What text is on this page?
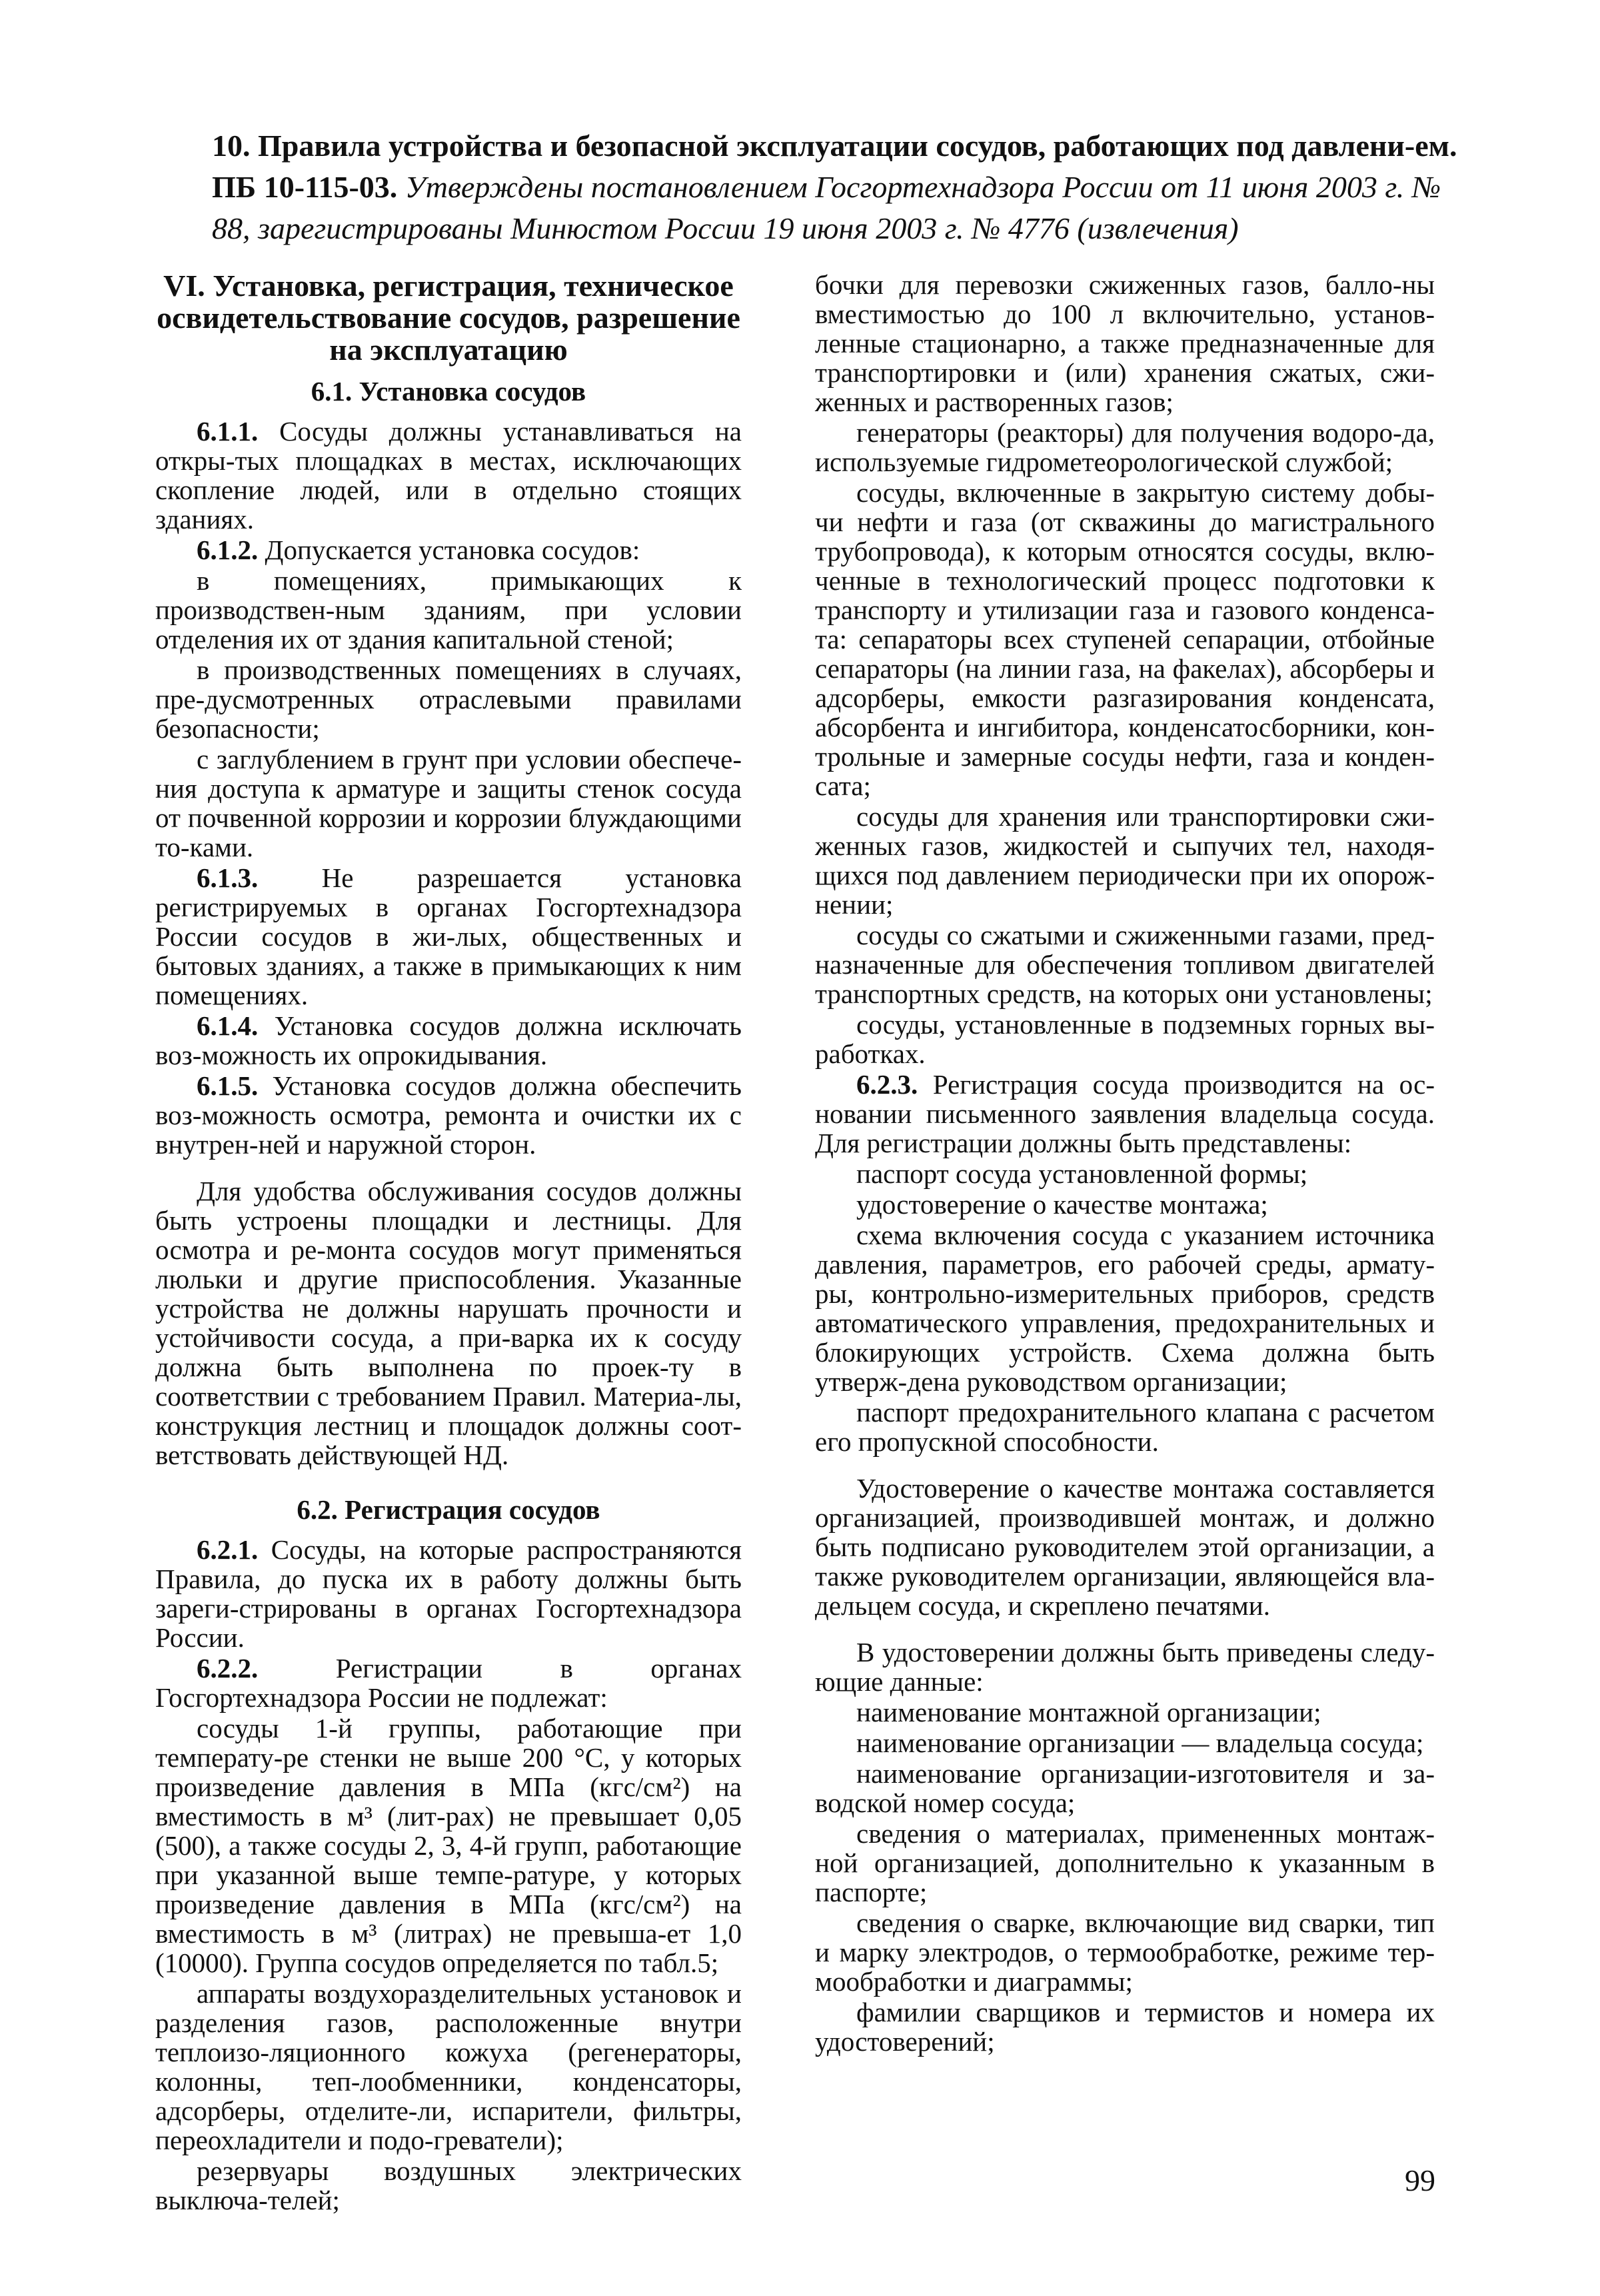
10. Правила устройства и безопасной эксплуатации сосудов, работающих под давлени-ем. ПБ 10-115-03. Утверждены постановлением Госгортехнадзора России от 11 июня 2003 г. № 88, зарегистрированы Минюстом России 19 июня 2003 г. № 4776 (извлечения)
VI. Установка, регистрация, техническое освидетельствование сосудов, разрешение на эксплуатацию
6.1. Установка сосудов

6.1.1. Сосуды должны устанавливаться на откры-тых площадках в местах, исключающих скопление людей, или в отдельно стоящих зданиях.

6.1.2. Допускается установка сосудов:

в помещениях, примыкающих к производствен-ным зданиям, при условии отделения их от здания капитальной стеной;

в производственных помещениях в случаях, пре-дусмотренных отраслевыми правилами безопасности;

с заглублением в грунт при условии обеспече-ния доступа к арматуре и защиты стенок сосуда от почвенной коррозии и коррозии блуждающими то-ками.

6.1.3. Не разрешается установка регистрируемых в органах Госгортехнадзора России сосудов в жи-лых, общественных и бытовых зданиях, а также в примыкающих к ним помещениях.

6.1.4. Установка сосудов должна исключать воз-можность их опрокидывания.

6.1.5. Установка сосудов должна обеспечить воз-можность осмотра, ремонта и очистки их с внутрен-ней и наружной сторон.

Для удобства обслуживания сосудов должны быть устроены площадки и лестницы. Для осмотра и ре-монта сосудов могут применяться люльки и другие приспособления. Указанные устройства не должны нарушать прочности и устойчивости сосуда, а при-варка их к сосуду должна быть выполнена по проек-ту в соответствии с требованием Правил. Материа-лы, конструкция лестниц и площадок должны соот-ветствовать действующей НД.

6.2. Регистрация сосудов

6.2.1. Сосуды, на которые распространяются Правила, до пуска их в работу должны быть зареги-стрированы в органах Госгортехнадзора России.

6.2.2. Регистрации в органах Госгортехнадзора России не подлежат:

сосуды 1-й группы, работающие при температу-ре стенки не выше 200 °С, у которых произведение давления в МПа (кгс/см²) на вместимость в м³ (лит-рах) не превышает 0,05 (500), а также сосуды 2, 3, 4-й групп, работающие при указанной выше темпе-ратуре, у которых произведение давления в МПа (кгс/см²) на вместимость в м³ (литрах) не превыша-ет 1,0 (10000). Группа сосудов определяется по табл.5;

аппараты воздухоразделительных установок и разделения газов, расположенные внутри теплоизо-ляционного кожуха (регенераторы, колонны, теп-лообменники, конденсаторы, адсорберы, отделите-ли, испарители, фильтры, переохладители и подо-греватели);

резервуары воздушных электрических выключа-телей;

бочки для перевозки сжиженных газов, балло-ны вместимостью до 100 л включительно, установ-ленные стационарно, а также предназначенные для транспортировки и (или) хранения сжатых, сжи-женных и растворенных газов;

генераторы (реакторы) для получения водоро-да, используемые гидрометеорологической службой;

сосуды, включенные в закрытую систему добы-чи нефти и газа (от скважины до магистрального трубопровода), к которым относятся сосуды, вклю-ченные в технологический процесс подготовки к транспорту и утилизации газа и газового конденса-та: сепараторы всех ступеней сепарации, отбойные сепараторы (на линии газа, на факелах), абсорберы и адсорберы, емкости разгазирования конденсата, абсорбента и ингибитора, конденсатосборники, кон-трольные и замерные сосуды нефти, газа и конден-сата;

сосуды для хранения или транспортировки сжи-женных газов, жидкостей и сыпучих тел, находя-щихся под давлением периодически при их опорож-нении;

сосуды со сжатыми и сжиженными газами, пред-назначенные для обеспечения топливом двигателей транспортных средств, на которых они установлены;

сосуды, установленные в подземных горных вы-работках.

6.2.3. Регистрация сосуда производится на ос-новании письменного заявления владельца сосуда. Для регистрации должны быть представлены:

паспорт сосуда установленной формы;

удостоверение о качестве монтажа;

схема включения сосуда с указанием источника давления, параметров, его рабочей среды, армату-ры, контрольно-измерительных приборов, средств автоматического управления, предохранительных и блокирующих устройств. Схема должна быть утверж-дена руководством организации;

паспорт предохранительного клапана с расчетом его пропускной способности.

Удостоверение о качестве монтажа составляется организацией, производившей монтаж, и должно быть подписано руководителем этой организации, а также руководителем организации, являющейся вла-дельцем сосуда, и скреплено печатями.

В удостоверении должны быть приведены следу-ющие данные:

наименование монтажной организации;

наименование организации — владельца сосуда;

наименование организации-изготовителя и за-водской номер сосуда;

сведения о материалах, примененных монтаж-ной организацией, дополнительно к указанным в паспорте;

сведения о сварке, включающие вид сварки, тип и марку электродов, о термообработке, режиме тер-мообработки и диаграммы;

фамилии сварщиков и термистов и номера их удостоверений;

99
